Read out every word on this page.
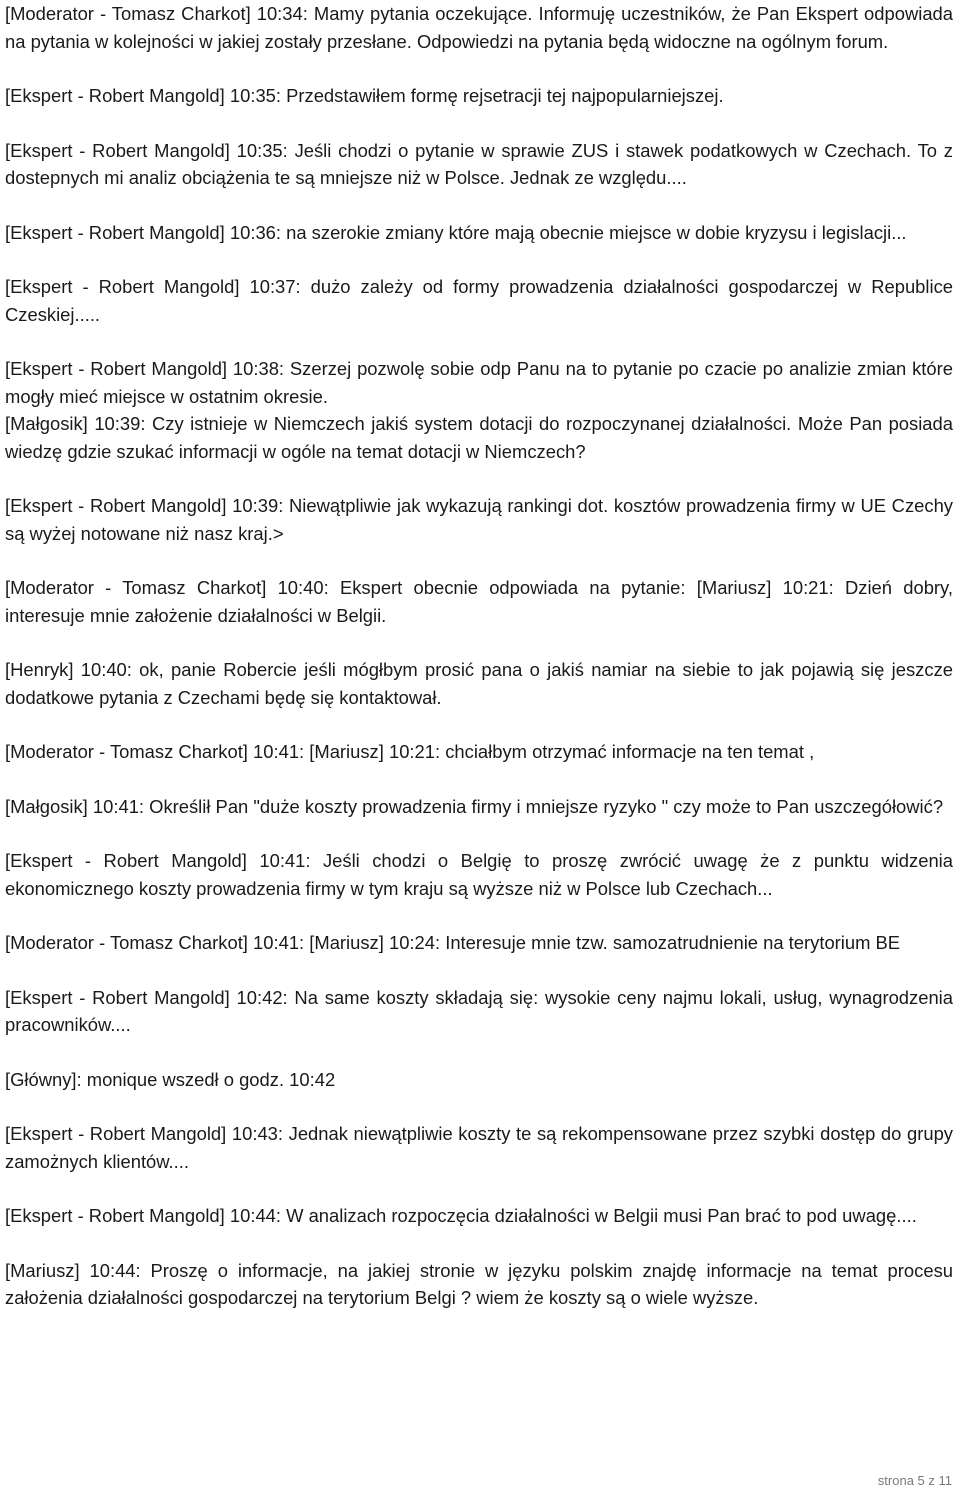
[Moderator - Tomasz Charkot] 10:34: Mamy pytania oczekujące. Informuję uczestników, że Pan Ekspert odpowiada na pytania w kolejności w jakiej zostały przesłane. Odpowiedzi na pytania będą widoczne na ogólnym forum.

[Ekspert - Robert Mangold] 10:35: Przedstawiłem formę rejsetracji tej najpopularniejszej.

[Ekspert - Robert Mangold] 10:35: Jeśli chodzi o pytanie w sprawie ZUS i stawek podatkowych w Czechach. To z dostepnych mi analiz obciążenia te są mniejsze niż w Polsce. Jednak ze względu....

[Ekspert - Robert Mangold] 10:36: na szerokie zmiany które mają obecnie miejsce w dobie kryzysu i legislacji...

[Ekspert - Robert Mangold] 10:37: dużo zależy od formy prowadzenia działalności gospodarczej w Republice Czeskiej.....

[Ekspert - Robert Mangold] 10:38: Szerzej pozwolę sobie odp Panu na to pytanie po czacie po analizie zmian które mogły mieć miejsce w ostatnim okresie.

[Małgosik] 10:39: Czy istnieje w Niemczech jakiś system dotacji do rozpoczynanej działalności. Może Pan posiada wiedzę gdzie szukać informacji w ogóle na temat dotacji w Niemczech?

[Ekspert - Robert Mangold] 10:39: Niewątpliwie jak wykazują rankingi dot. kosztów prowadzenia firmy w UE Czechy są wyżej notowane niż nasz kraj.>

[Moderator - Tomasz Charkot] 10:40: Ekspert obecnie odpowiada na pytanie: [Mariusz] 10:21: Dzień dobry, interesuje mnie założenie działalności w Belgii.

[Henryk] 10:40: ok, panie Robercie jeśli mógłbym prosić pana o jakiś namiar na siebie to jak pojawią się jeszcze dodatkowe pytania z Czechami będę się kontaktował.

[Moderator - Tomasz Charkot] 10:41: [Mariusz] 10:21: chciałbym otrzymać informacje na ten temat ,

[Małgosik] 10:41: Określił Pan "duże koszty prowadzenia firmy i mniejsze ryzyko " czy może to Pan uszczegółowić?

[Ekspert - Robert Mangold] 10:41: Jeśli chodzi o Belgię to proszę zwrócić uwagę że z punktu widzenia ekonomicznego koszty prowadzenia firmy w tym kraju są wyższe niż w Polsce lub Czechach...

[Moderator - Tomasz Charkot] 10:41: [Mariusz] 10:24: Interesuje mnie tzw. samozatrudnienie na terytorium BE

[Ekspert - Robert Mangold] 10:42: Na same koszty składają się: wysokie ceny najmu lokali, usług, wynagrodzenia pracowników....

[Główny]: monique wszedł o godz. 10:42

[Ekspert - Robert Mangold] 10:43: Jednak niewątpliwie koszty te są rekompensowane przez szybki dostęp do grupy zamożnych klientów....

[Ekspert - Robert Mangold] 10:44: W analizach rozpoczęcia działalności w Belgii musi Pan brać to pod uwagę....

[Mariusz] 10:44: Proszę o informacje, na jakiej stronie w języku polskim znajdę informacje na temat procesu założenia działalności gospodarczej na terytorium Belgi ? wiem że koszty są o wiele wyższe.

strona 5 z 11
